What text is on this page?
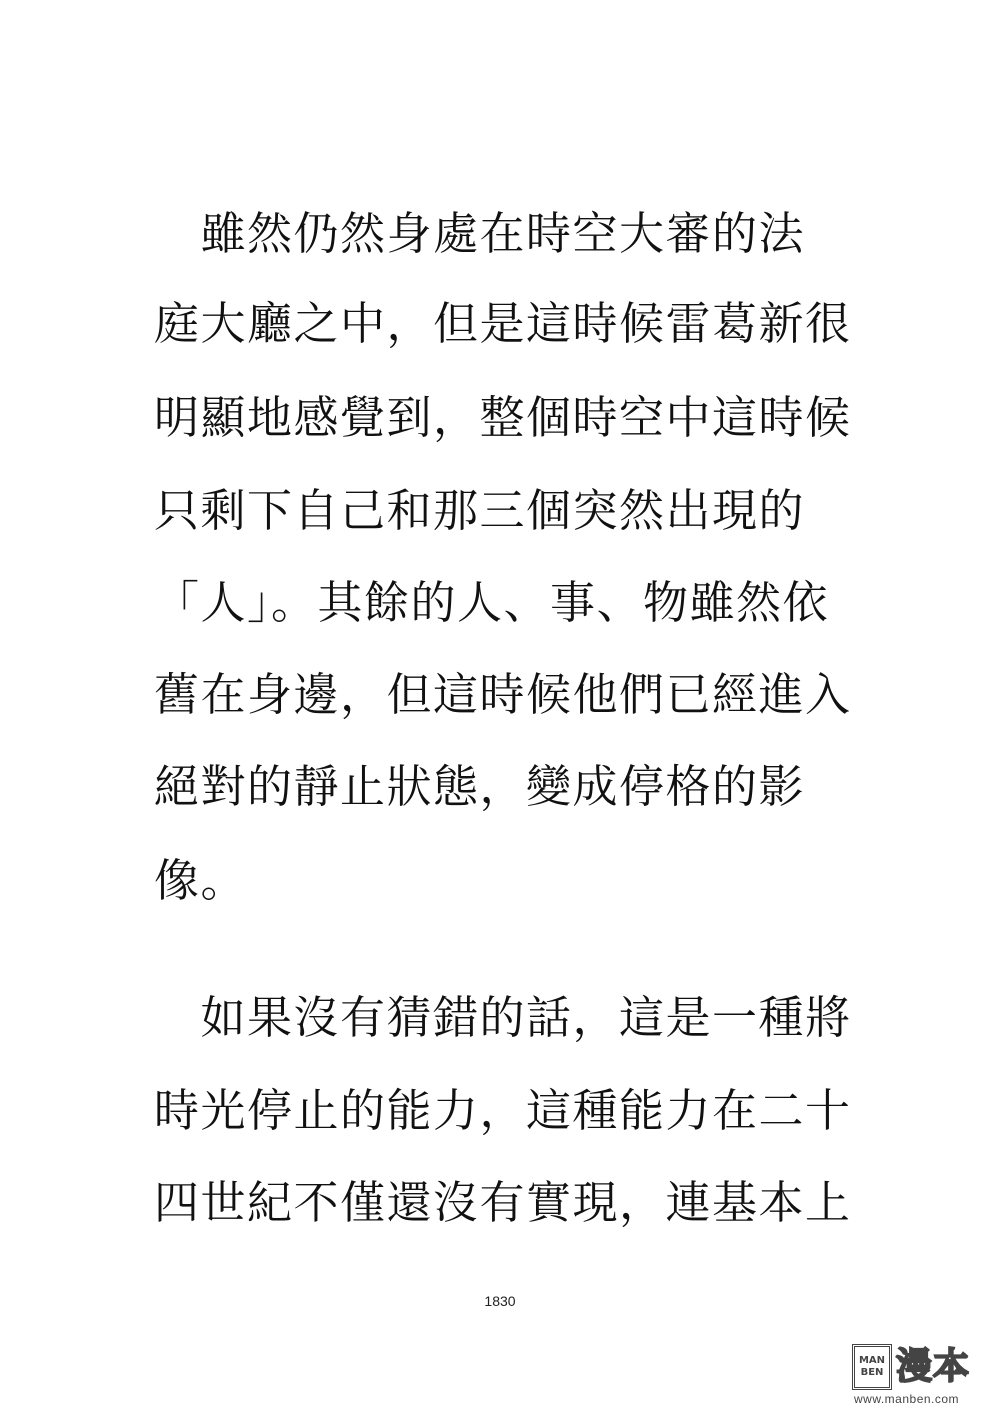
　雖然仍然身處在時空大審的法
庭大廳之中，但是這時候雷葛新很
明顯地感覺到，整個時空中這時候
只剩下自己和那三個突然出現的
「人」。其餘的人、事、物雖然依
舊在身邊，但這時候他們已經進入
絕對的靜止狀態，變成停格的影
像。
　如果沒有猜錯的話，這是一種將
時光停止的能力，這種能力在二十
四世紀不僅還沒有實現，連基本上
1830
MAN
BEN 漫本
www.manben.com
